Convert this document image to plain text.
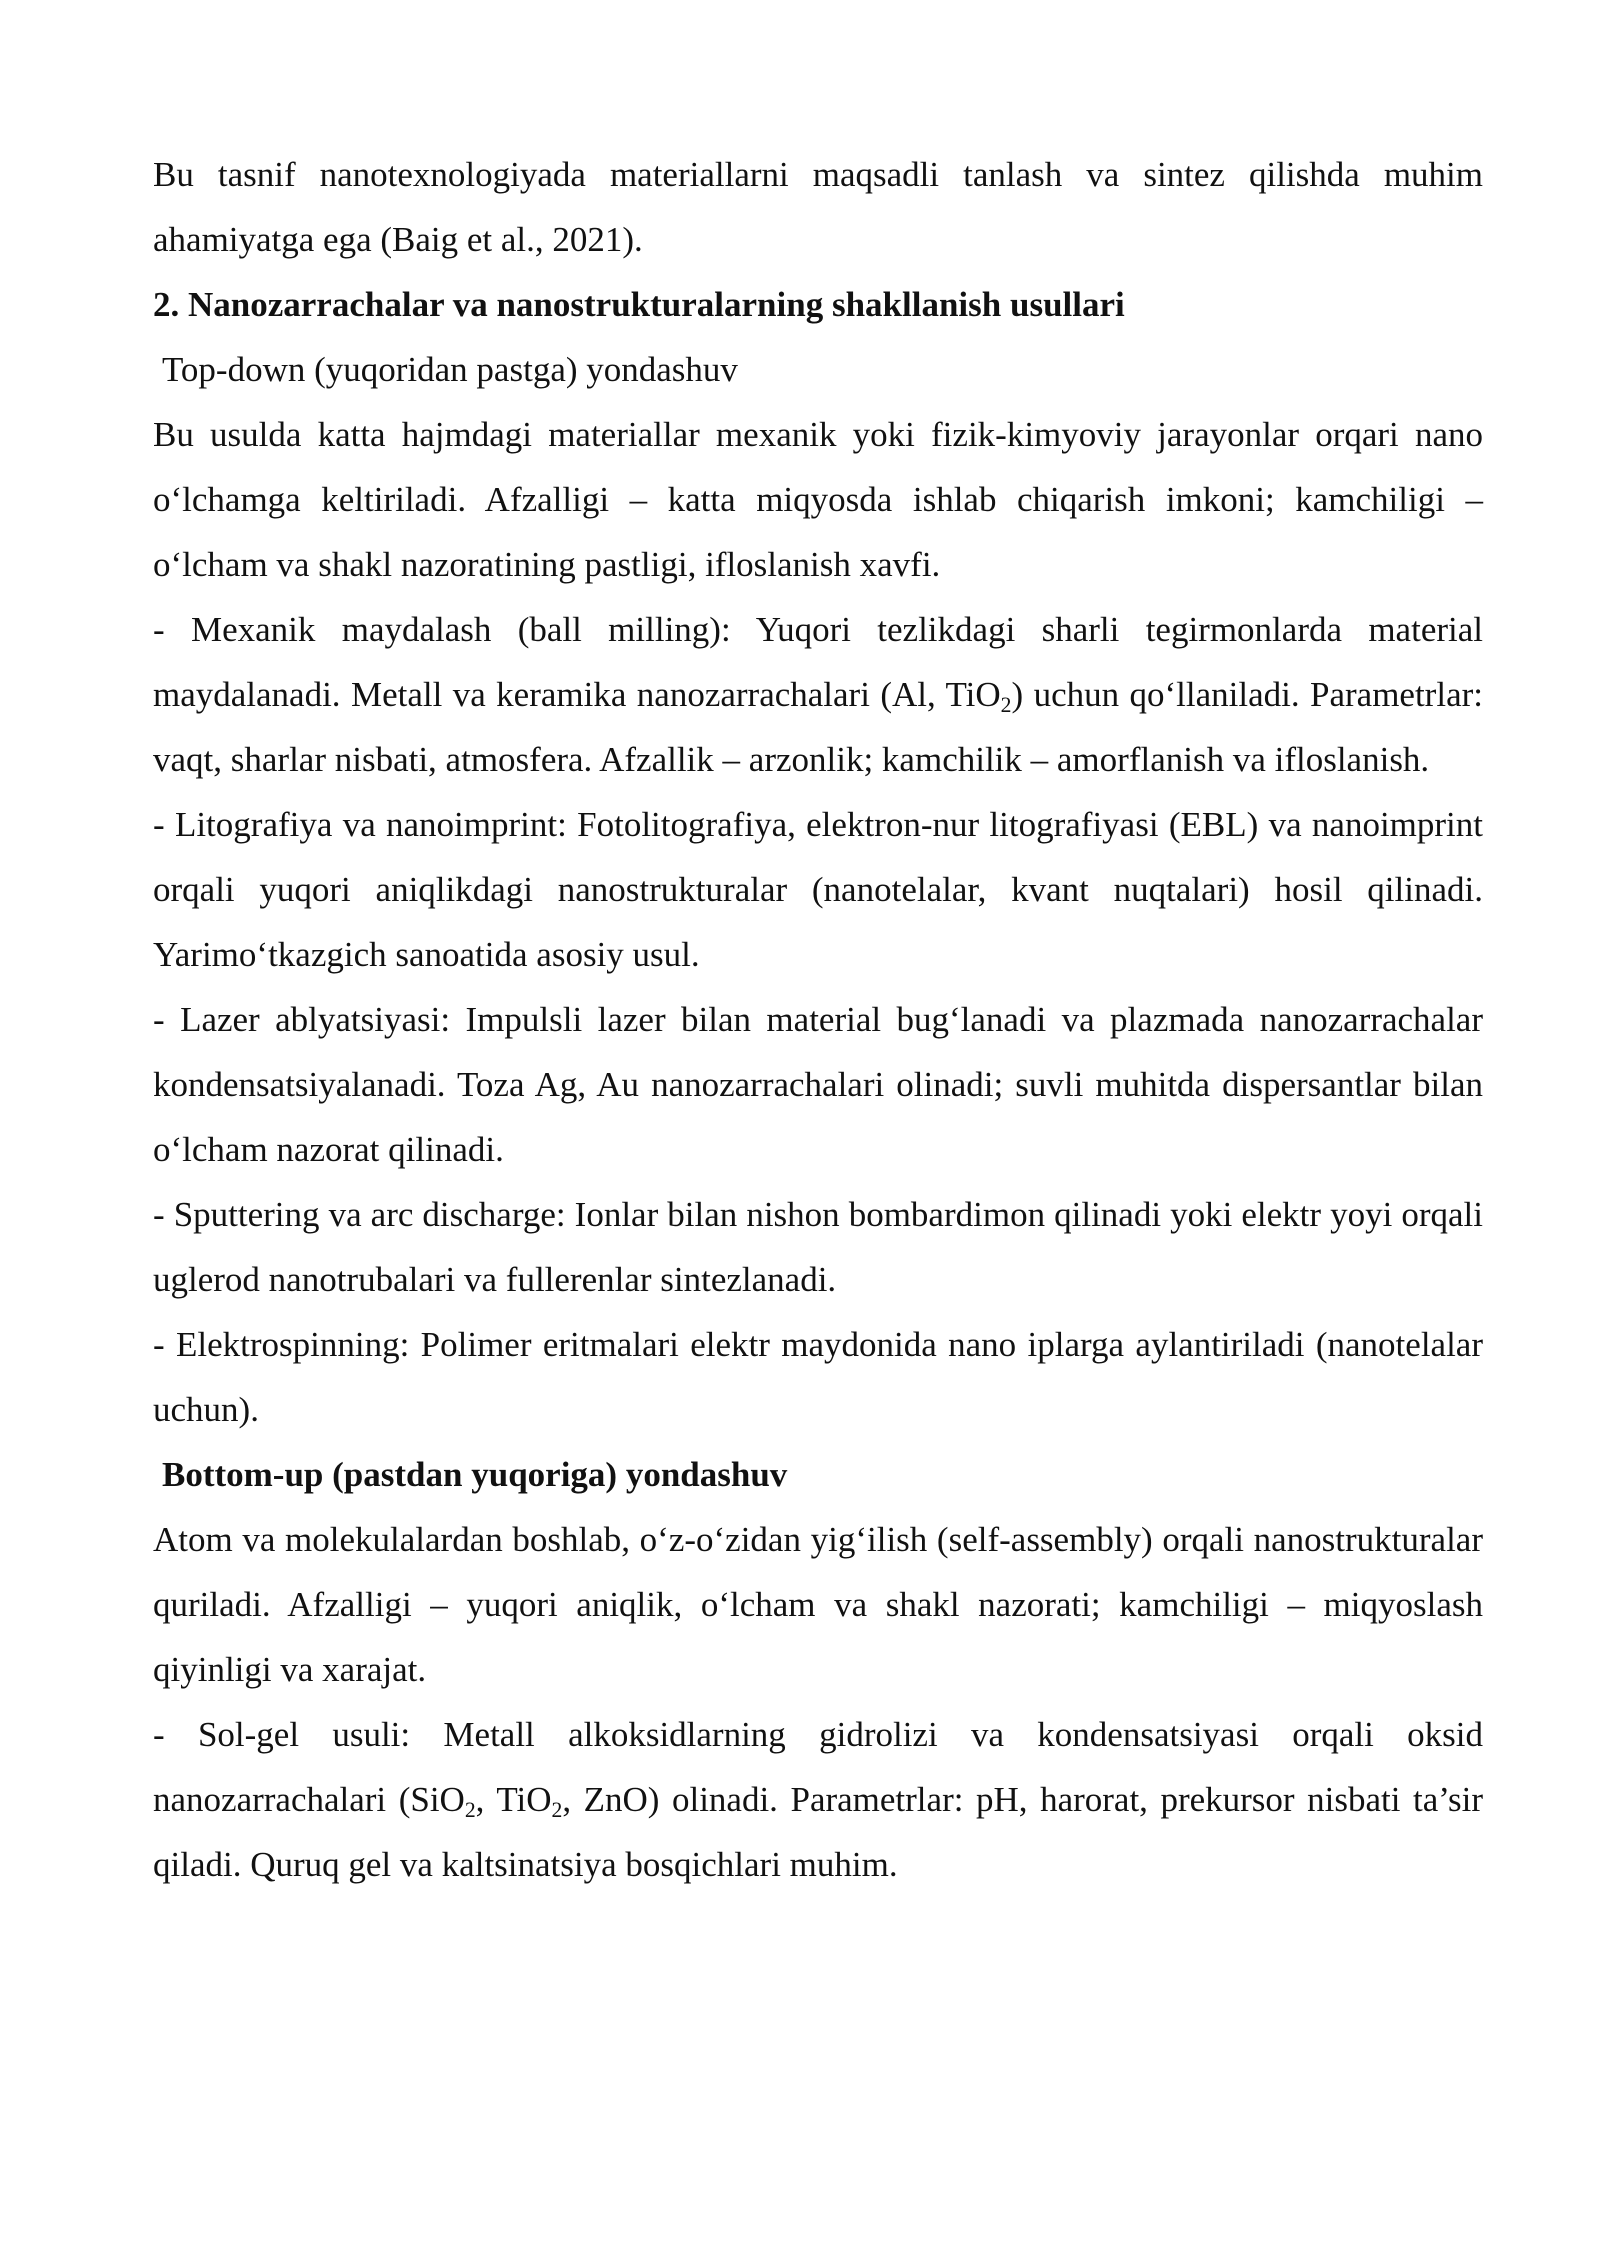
Bu tasnif nanotexnologiyada materiallarni maqsadli tanlash va sintez qilishda muhim ahamiyatga ega (Baig et al., 2021).

2. Nanozarrachalar va nanostrukturalarning shakllanish usullari

Top-down (yuqoridan pastga) yondashuv

Bu usulda katta hajmdagi materiallar mexanik yoki fizik-kimyoviy jarayonlar orqari nano o‘lchamga keltiriladi. Afzalligi – katta miqyosda ishlab chiqarish imkoni; kamchiligi – o‘lcham va shakl nazoratining pastligi, ifloslanish xavfi.

- Mexanik maydalash (ball milling): Yuqori tezlikdagi sharli tegirmonlarda material maydalanadi. Metall va keramika nanozarrachalari (Al, TiO$_2$) uchun qo‘llaniladi. Parametrlar: vaqt, sharlar nisbati, atmosfera. Afzallik – arzonlik; kamchilik – amorflanish va ifloslanish.

- Litografiya va nanoimprint: Fotolitografiya, elektron-nur litografiyasi (EBL) va nanoimprint orqali yuqori aniqlikdagi nanostrukturalar (nanotelalar, kvant nuqtalari) hosil qilinadi. Yarimo‘tkazgich sanoatida asosiy usul.

- Lazer ablyatsiyasi: Impulsli lazer bilan material bug‘lanadi va plazmada nanozarrachalar kondensatsiyalanadi. Toza Ag, Au nanozarrachalari olinadi; suvli muhitda dispersantlar bilan o‘lcham nazorat qilinadi.

- Sputtering va arc discharge: Ionlar bilan nishon bombardimon qilinadi yoki elektr yoyi orqali uglerod nanotrubalari va fullerenlar sintezlanadi.

- Elektrospinning: Polimer eritmalari elektr maydonida nano iplarga aylantiriladi (nanotelalar uchun).

Bottom-up (pastdan yuqoriga) yondashuv

Atom va molekulalardan boshlab, o‘z-o‘zidan yig‘ilish (self-assembly) orqali nanostrukturalar quriladi. Afzalligi – yuqori aniqlik, o‘lcham va shakl nazorati; kamchiligi – miqyoslash qiyinligi va xarajat.

- Sol-gel usuli: Metall alkoksidlarning gidrolizi va kondensatsiyasi orqali oksid nanozarrachalari (SiO$_2$, TiO$_2$, ZnO) olinadi. Parametrlar: pH, harorat, prekursor nisbati ta’sir qiladi. Quruq gel va kaltsinatsiya bosqichlari muhim.
